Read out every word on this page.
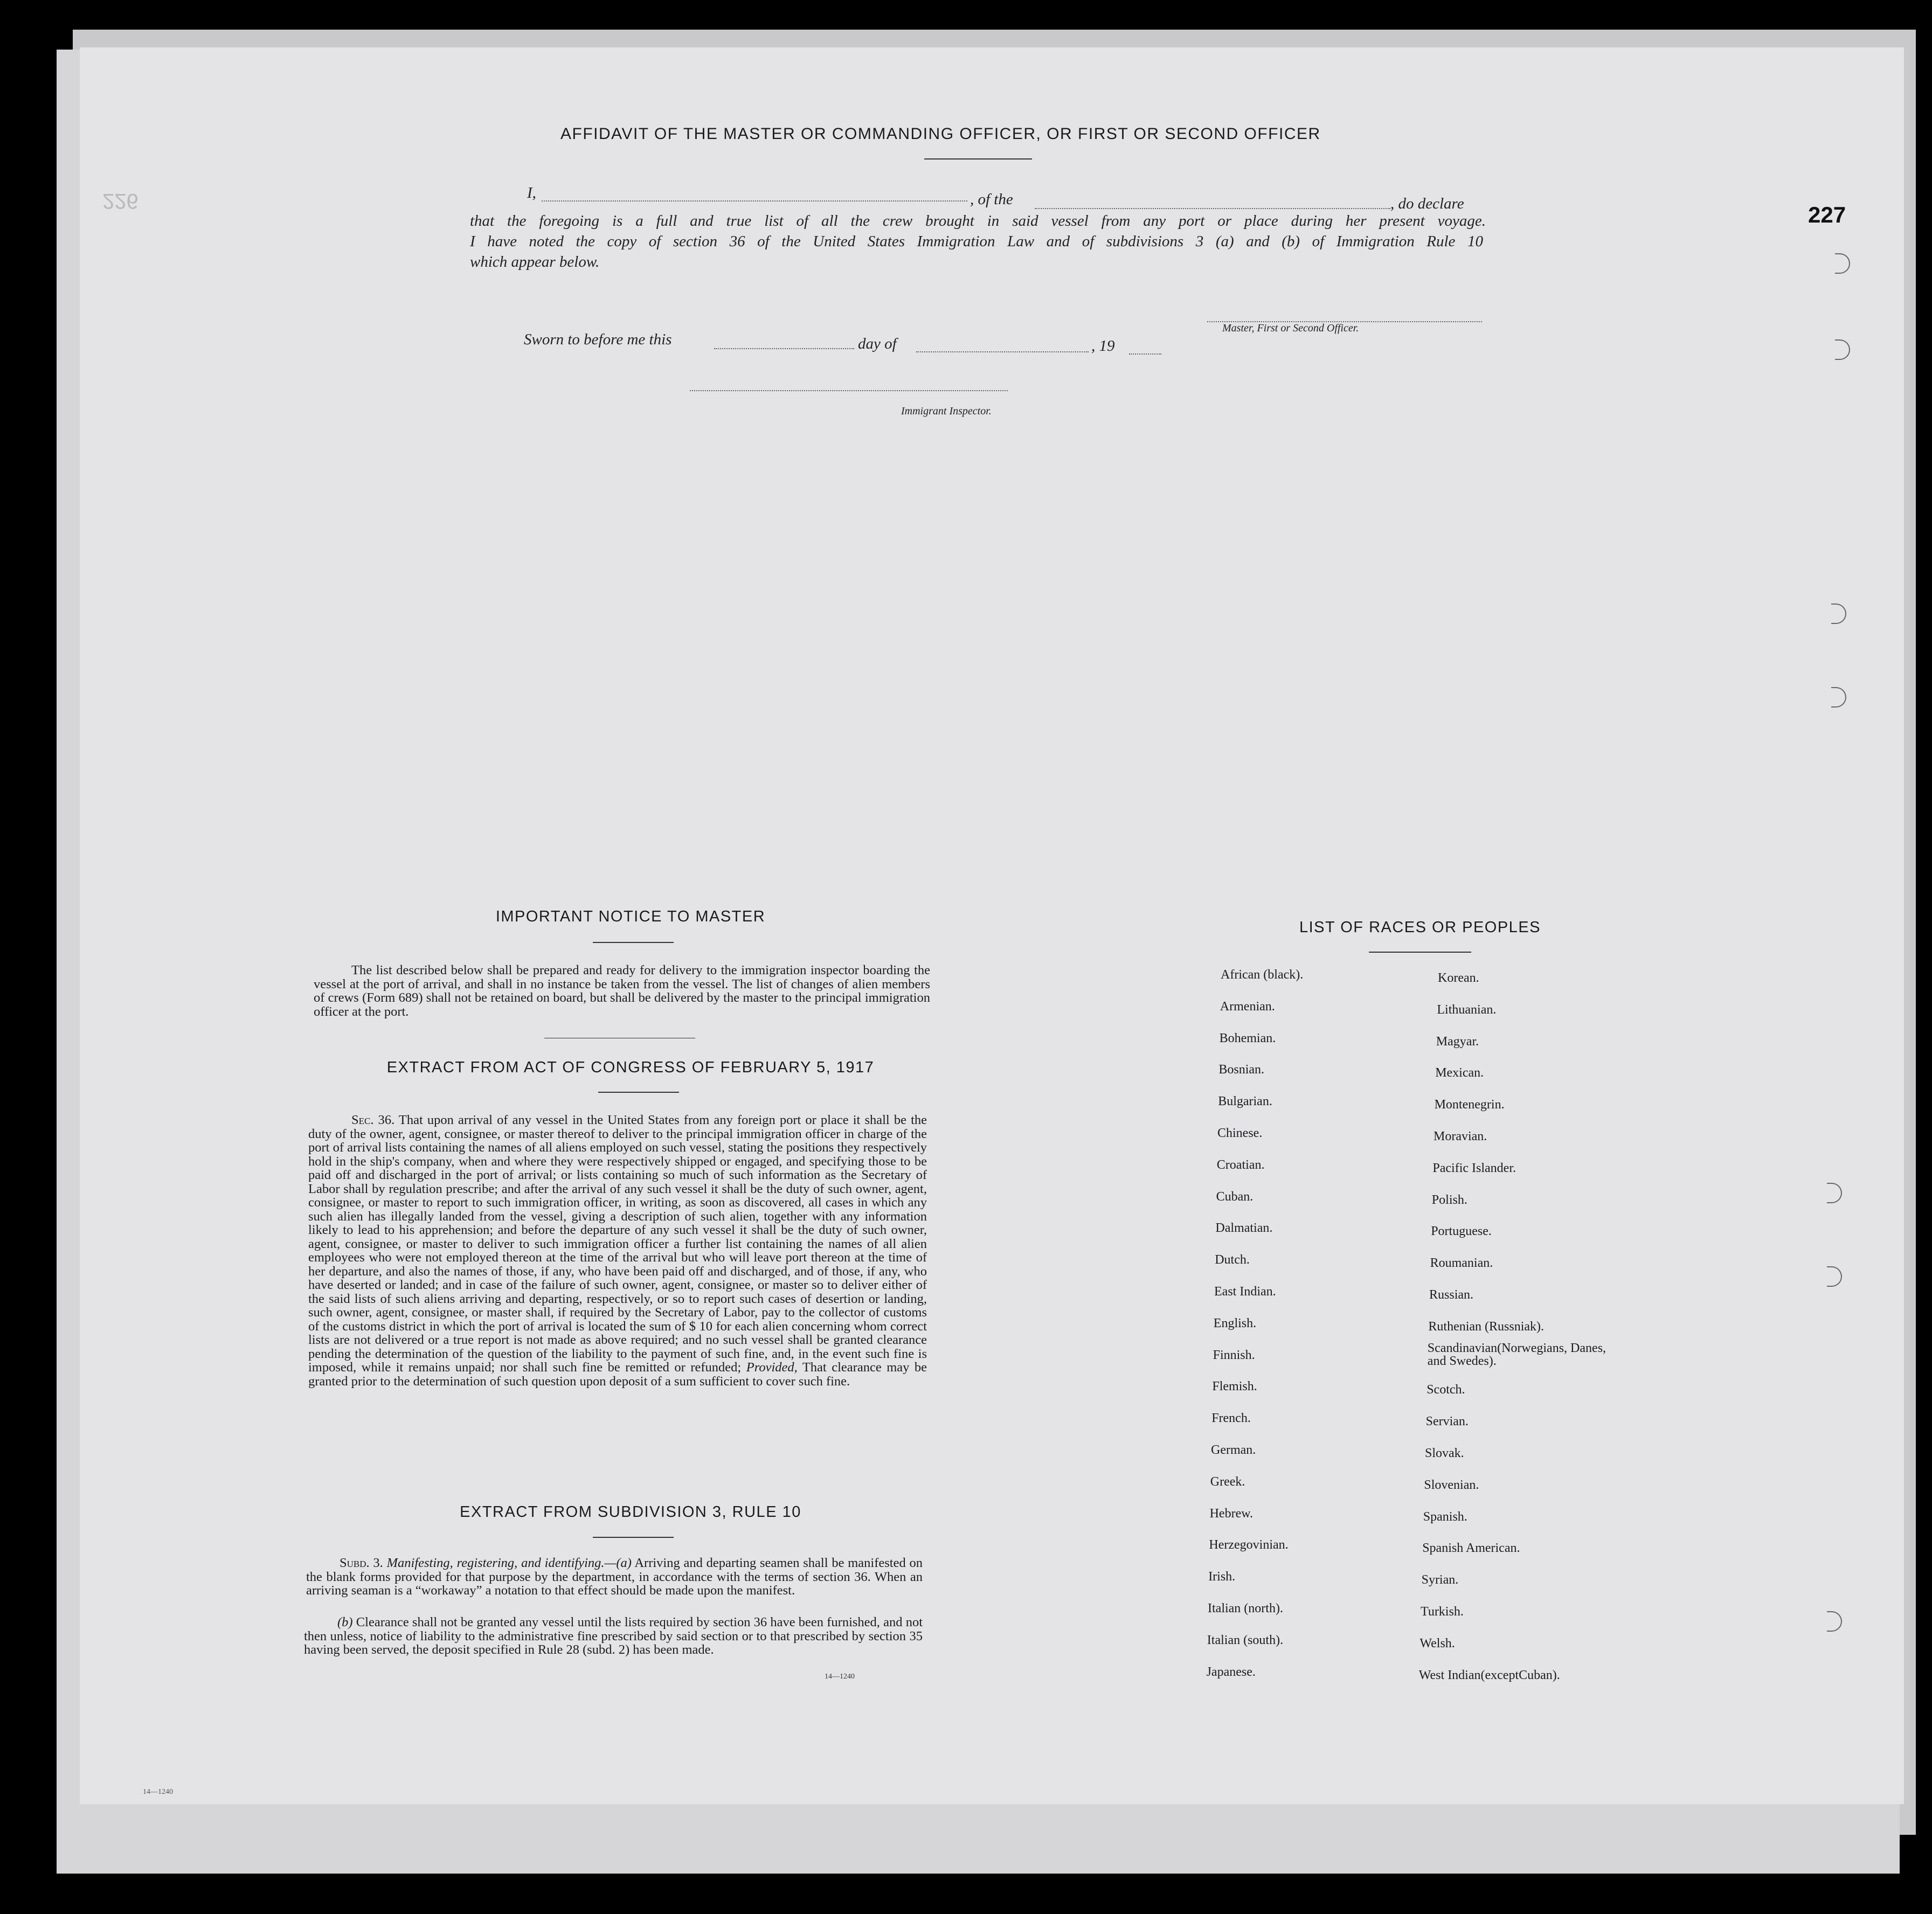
227
226
AFFIDAVIT OF THE MASTER OR COMMANDING OFFICER, OR FIRST OR SECOND OFFICER
I,	, of the	, do declare
that the foregoing is a full and true list of all the crew brought in said vessel from any port or place during her present voyage.
I have noted the copy of section 36 of the United States Immigration Law and of subdivisions 3 (a) and (b) of Immigration Rule 10
which appear below.
Master, First or Second Officer.
Sworn to before me this	day of	, 19
Immigrant Inspector.
IMPORTANT NOTICE TO MASTER
The list described below shall be prepared and ready for delivery to the immigration inspector boarding the vessel at the port of arrival, and shall in no instance be taken from the vessel. The list of changes of alien members of crews (Form 689) shall not be retained on board, but shall be delivered by the master to the principal immigration officer at the port.
EXTRACT FROM ACT OF CONGRESS OF FEBRUARY 5, 1917
Sec. 36. That upon arrival of any vessel in the United States from any foreign port or place it shall be the duty of the owner, agent, consignee, or master thereof to deliver to the principal immigration officer in charge of the port of arrival lists containing the names of all aliens employed on such vessel, stating the positions they respectively hold in the ship's company, when and where they were respectively shipped or engaged, and specifying those to be paid off and discharged in the port of arrival; or lists containing so much of such information as the Secretary of Labor shall by regulation prescribe; and after the arrival of any such vessel it shall be the duty of such owner, agent, consignee, or master to report to such immigration officer, in writing, as soon as discovered, all cases in which any such alien has illegally landed from the vessel, giving a description of such alien, together with any information likely to lead to his apprehension; and before the departure of any such vessel it shall be the duty of such owner, agent, consignee, or master to deliver to such immigration officer a further list containing the names of all alien employees who were not employed thereon at the time of the arrival but who will leave port thereon at the time of her departure, and also the names of those, if any, who have been paid off and discharged, and of those, if any, who have deserted or landed; and in case of the failure of such owner, agent, consignee, or master so to deliver either of the said lists of such aliens arriving and departing, respectively, or so to report such cases of desertion or landing, such owner, agent, consignee, or master shall, if required by the Secretary of Labor, pay to the collector of customs of the customs district in which the port of arrival is located the sum of $ 10 for each alien concerning whom correct lists are not delivered or a true report is not made as above required; and no such vessel shall be granted clearance pending the determination of the question of the liability to the payment of such fine, and, in the event such fine is imposed, while it remains unpaid; nor shall such fine be remitted or refunded; Provided, That clearance may be granted prior to the determination of such question upon deposit of a sum sufficient to cover such fine.
EXTRACT FROM SUBDIVISION 3, RULE 10
Subd. 3. Manifesting, registering, and identifying.—(a) Arriving and departing seamen shall be manifested on the blank forms provided for that purpose by the department, in accordance with the terms of section 36. When an arriving seaman is a “workaway” a notation to that effect should be made upon the manifest.
(b) Clearance shall not be granted any vessel until the lists required by section 36 have been furnished, and not then unless, notice of liability to the administrative fine prescribed by said section or to that prescribed by section 35 having been served, the deposit specified in Rule 28 (subd. 2) has been made.
14—1240
LIST OF RACES OR PEOPLES
African (black).
Armenian.
Bohemian.
Bosnian.
Bulgarian.
Chinese.
Croatian.
Cuban.
Dalmatian.
Dutch.
East Indian.
English.
Finnish.
Flemish.
French.
German.
Greek.
Hebrew.
Herzegovinian.
Irish.
Italian (north).
Italian (south).
Japanese.
Korean.
Lithuanian.
Magyar.
Mexican.
Montenegrin.
Moravian.
Pacific Islander.
Polish.
Portuguese.
Roumanian.
Russian.
Ruthenian (Russniak).
Scandinavian(Norwegians, Danes, and Swedes).
Scotch.
Servian.
Slovak.
Slovenian.
Spanish.
Spanish American.
Syrian.
Turkish.
Welsh.
West Indian(exceptCuban).
14—1240
